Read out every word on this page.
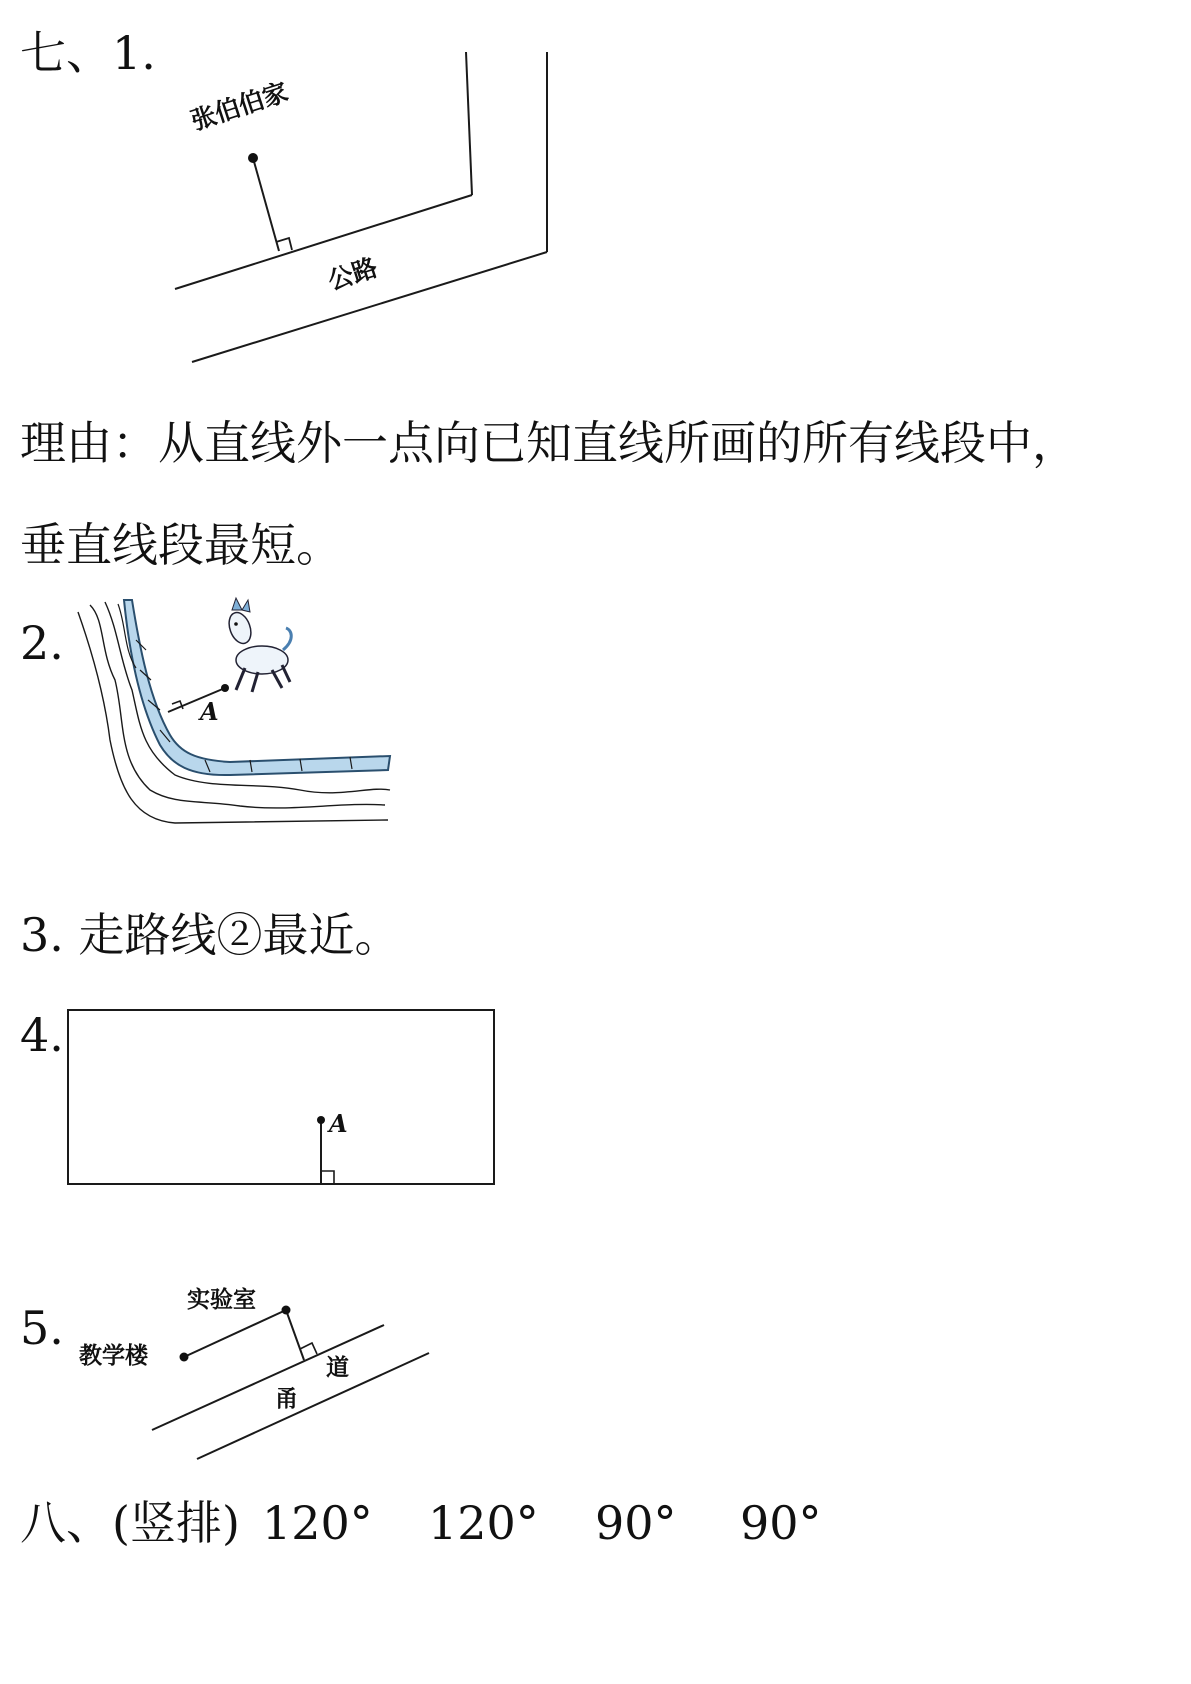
七、1.
张伯伯家
公路
理由：从直线外一点向已知直线所画的所有线段中，
垂直线段最短。
2.
A
3. 走路线②最近。
4.
A
5.
实验室
教学楼
甬
道
八、(竖排) 120° 120° 90° 90°
